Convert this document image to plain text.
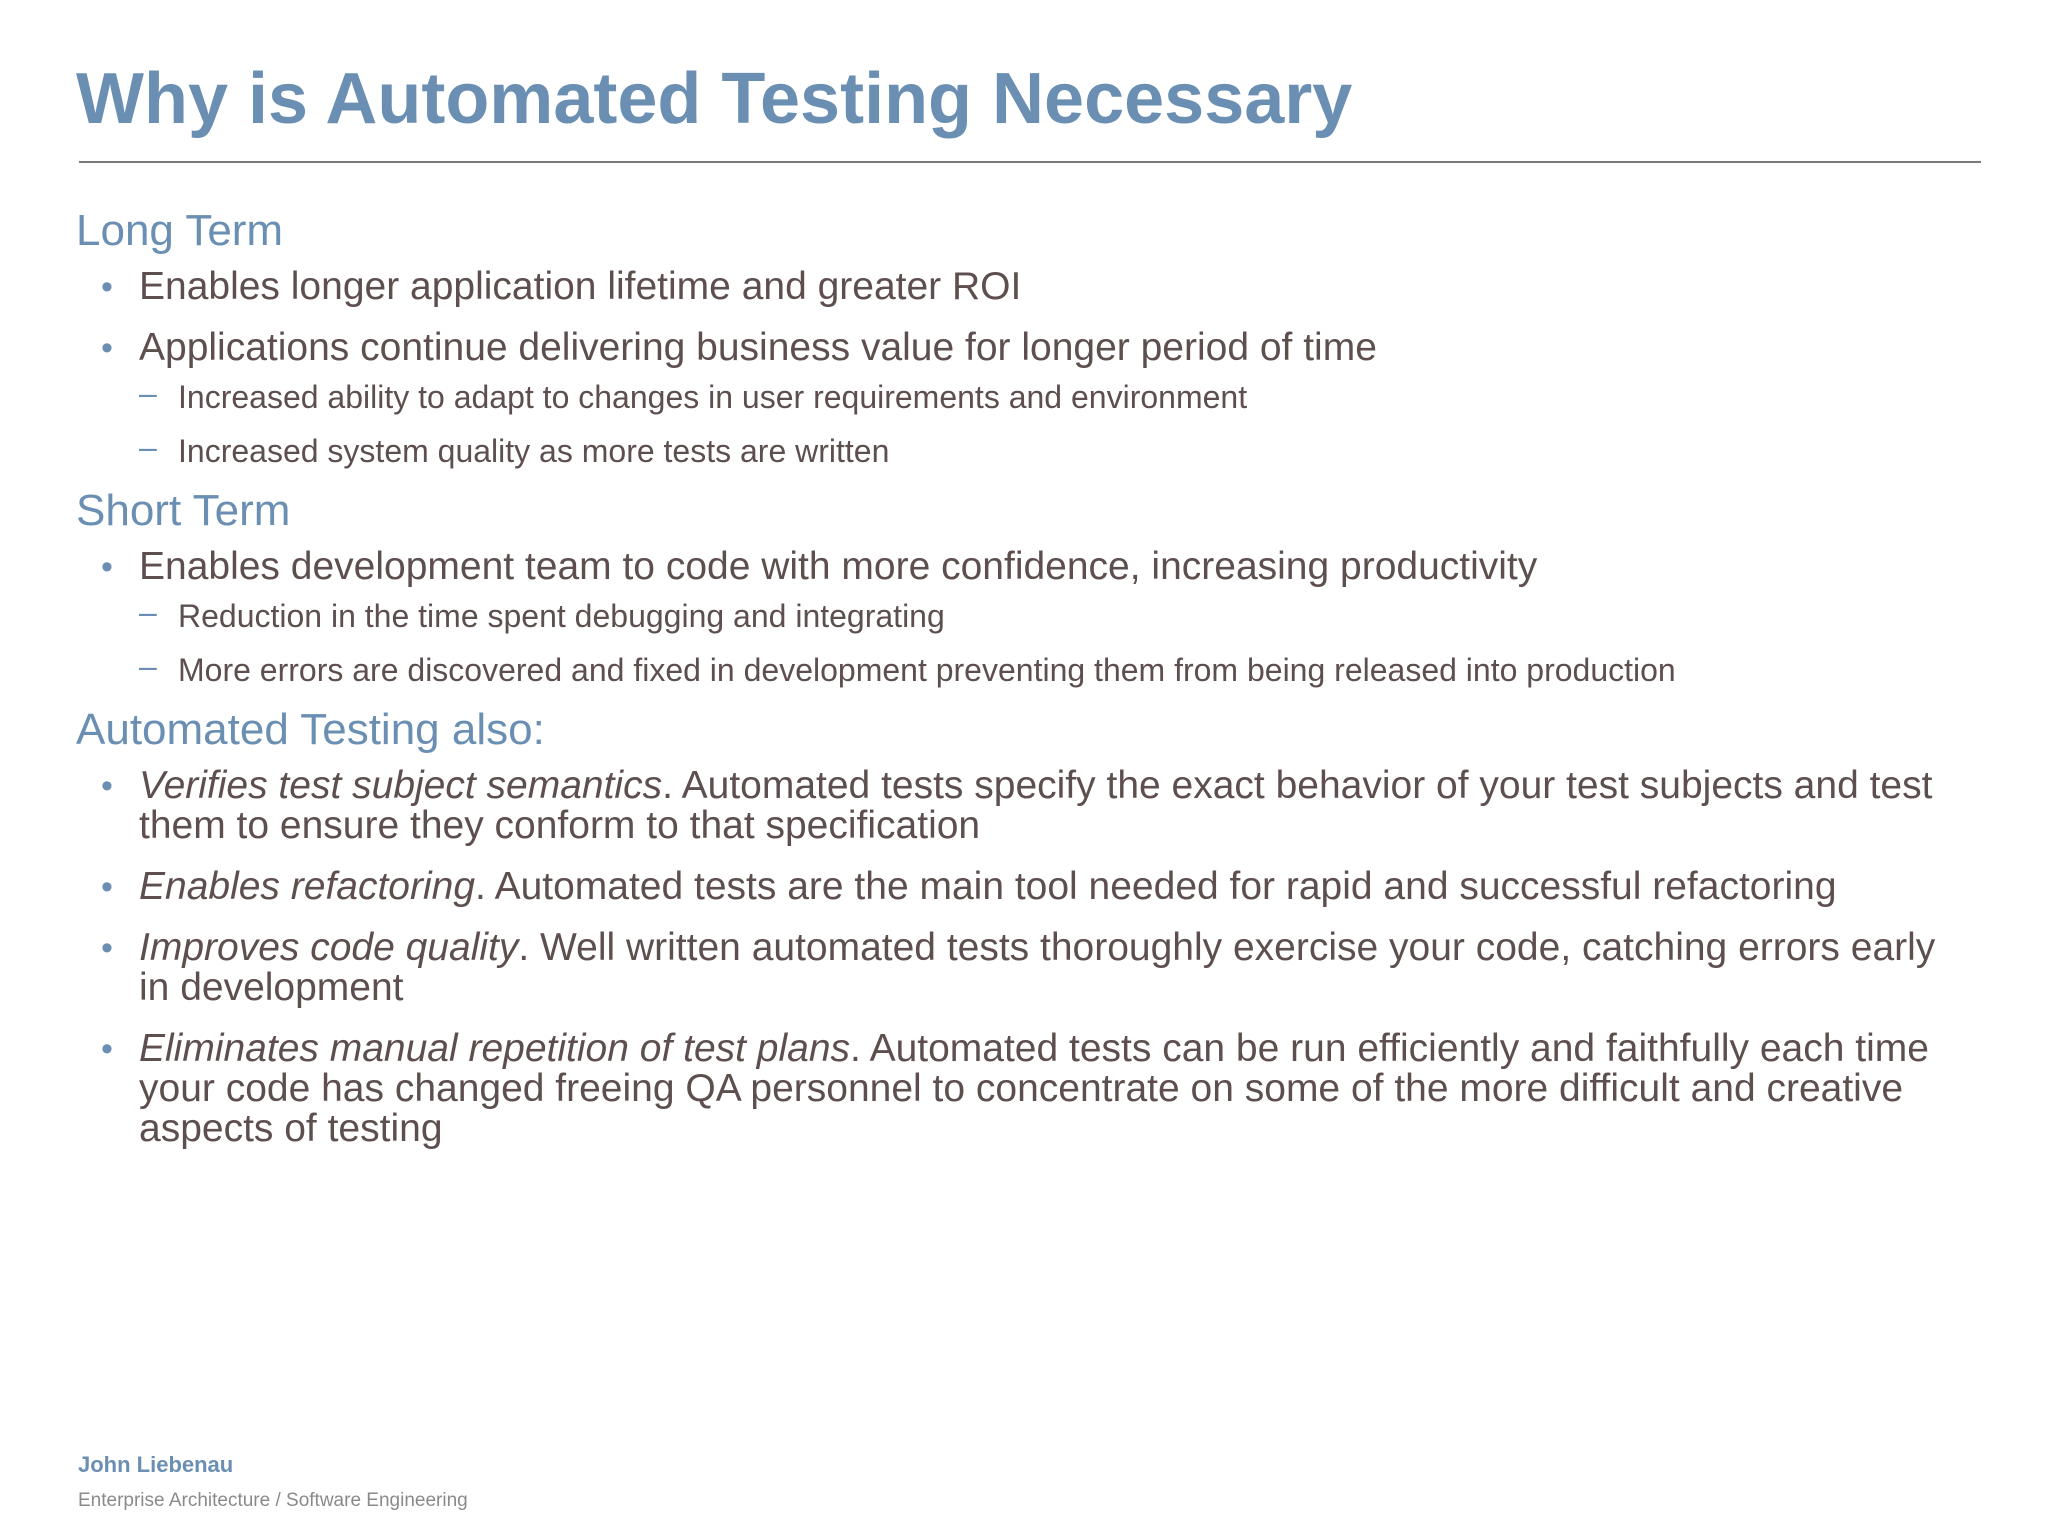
Why is Automated Testing Necessary
Long Term
• Enables longer application lifetime and greater ROI
• Applications continue delivering business value for longer period of time
– Increased ability to adapt to changes in user requirements and environment
– Increased system quality as more tests are written
Short Term
• Enables development team to code with more confidence, increasing productivity
– Reduction in the time spent debugging and integrating
– More errors are discovered and fixed in development preventing them from being released into production
Automated Testing also:
• Verifies test subject semantics. Automated tests specify the exact behavior of your test subjects and test them to ensure they conform to that specification
• Enables refactoring. Automated tests are the main tool needed for rapid and successful refactoring
• Improves code quality. Well written automated tests thoroughly exercise your code, catching errors early in development
• Eliminates manual repetition of test plans. Automated tests can be run efficiently and faithfully each time your code has changed freeing QA personnel to concentrate on some of the more difficult and creative aspects of testing
John Liebenau
Enterprise Architecture / Software Engineering
